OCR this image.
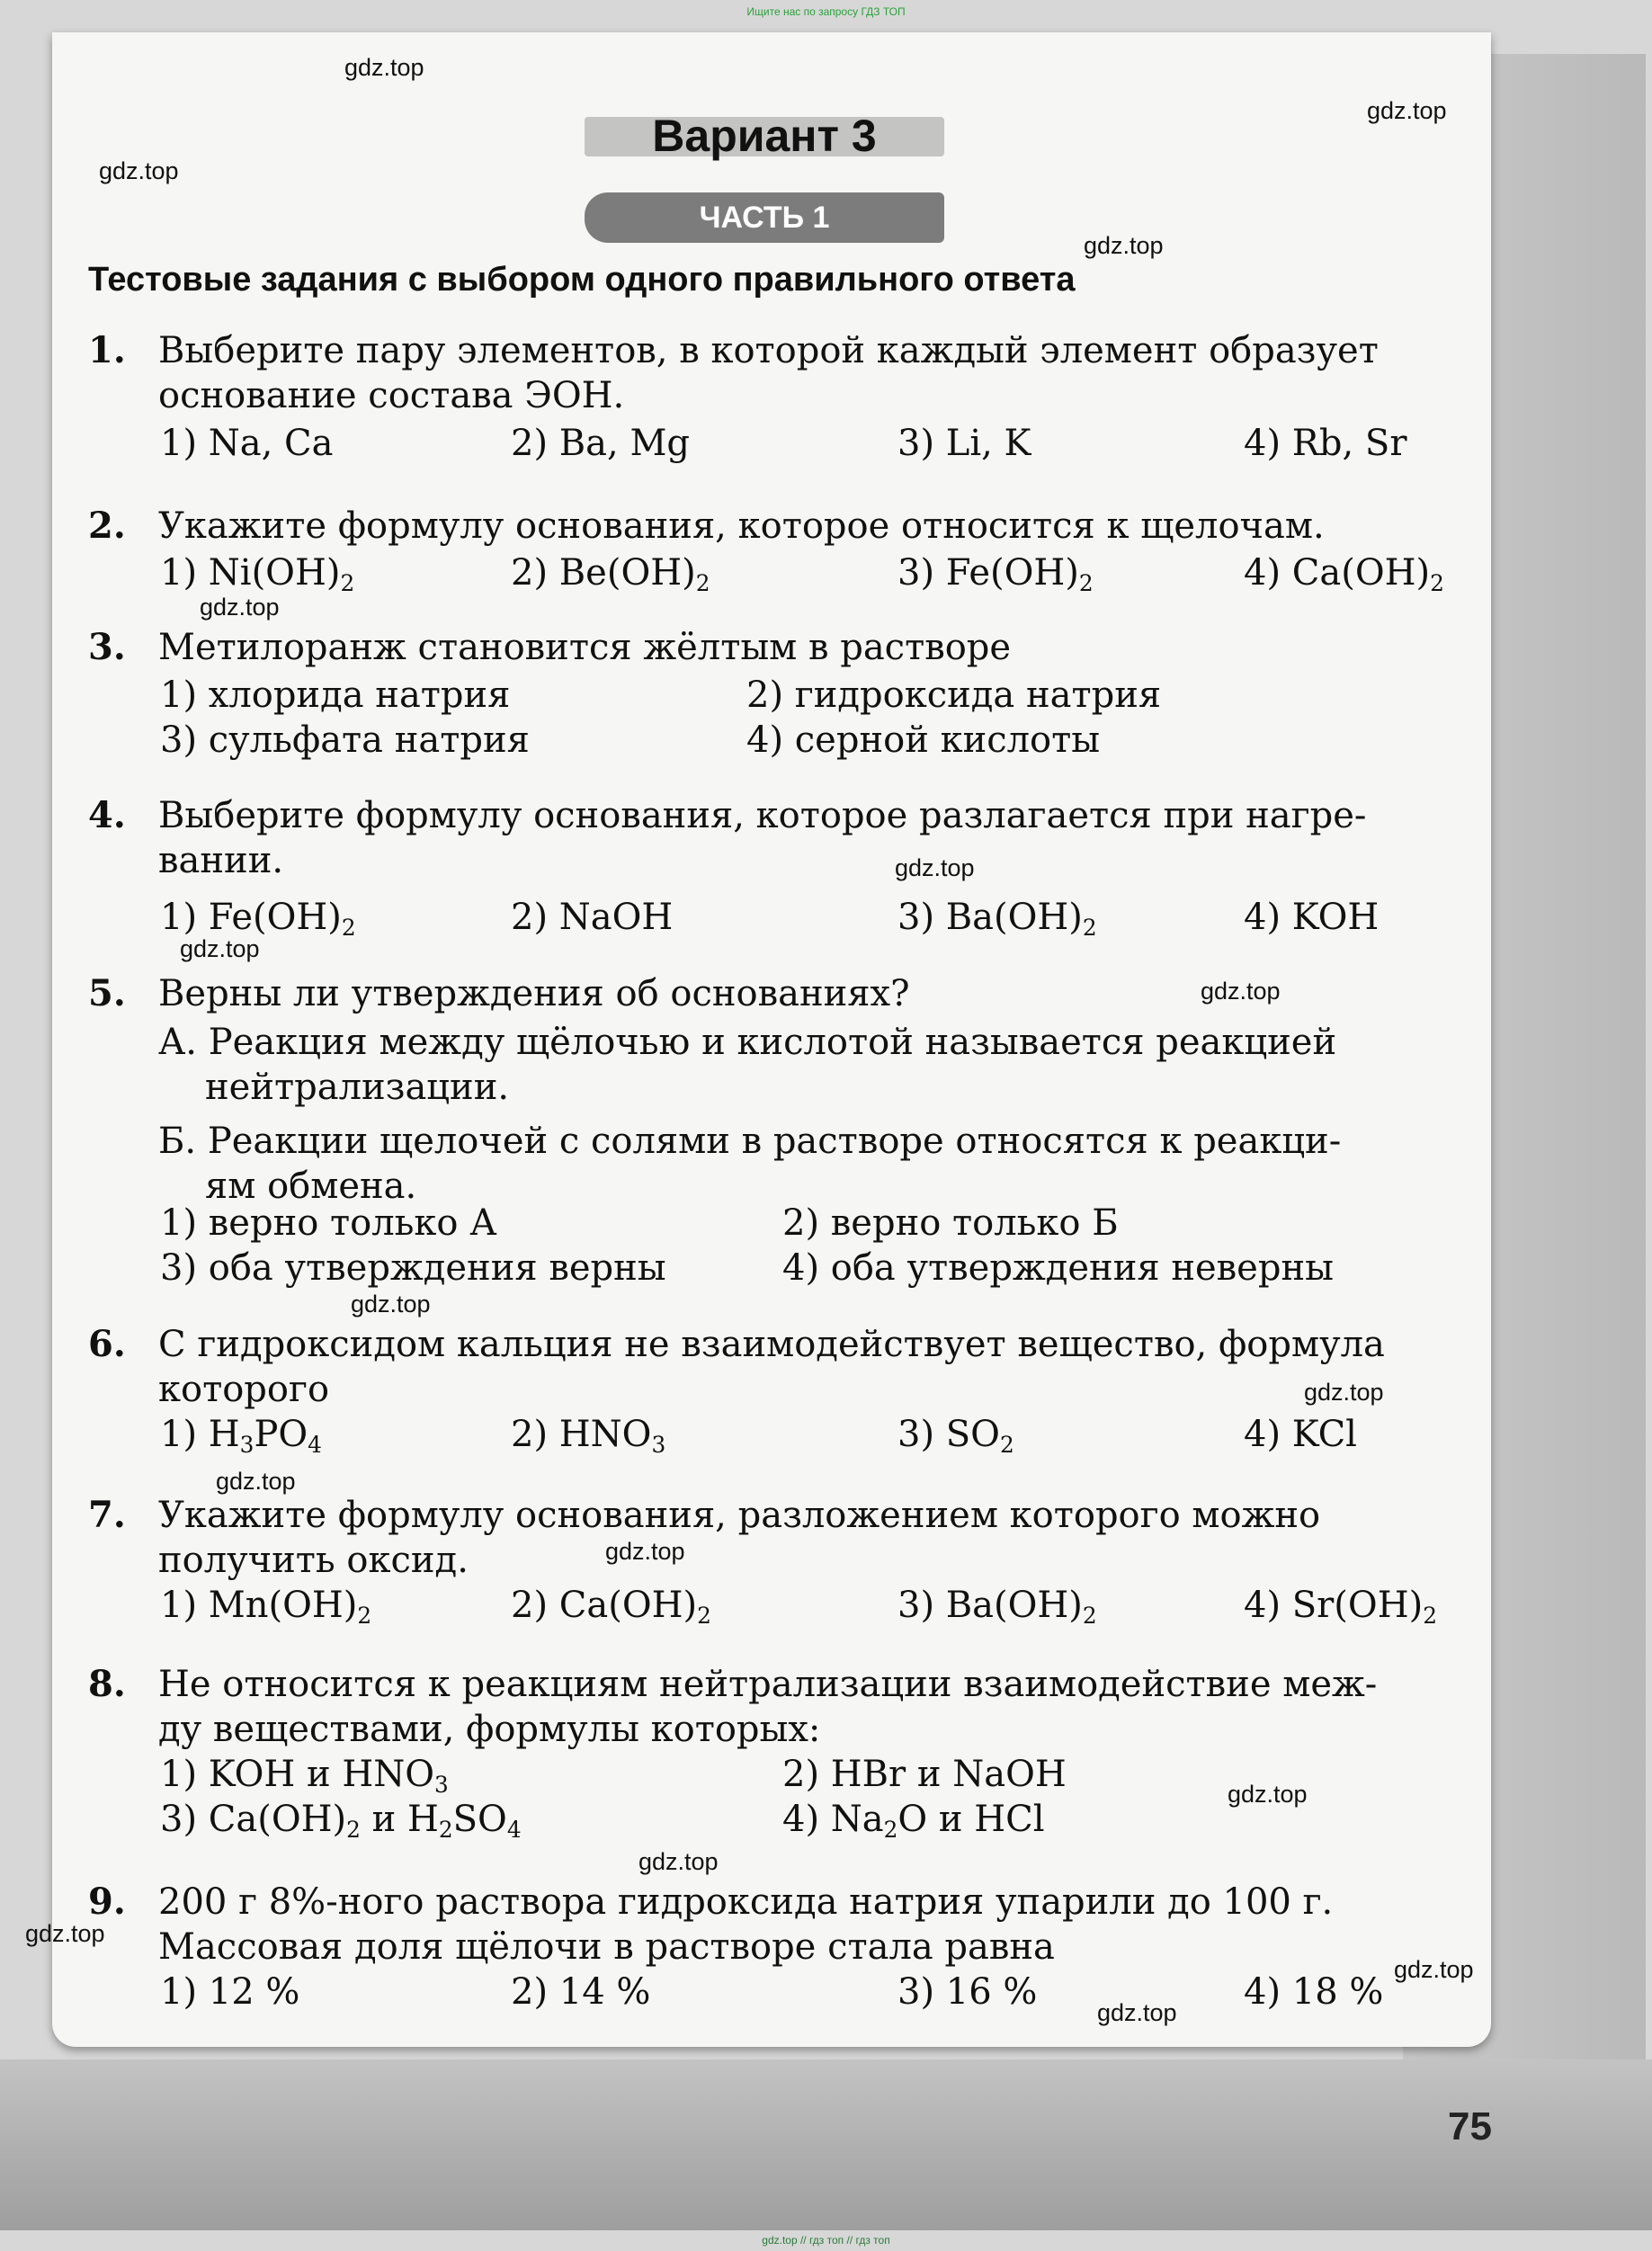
Ищите нас по запросу ГДЗ ТОП
Вариант 3
ЧАСТЬ 1
Тестовые задания с выбором одного правильного ответа
1. Выберите пару элементов, в которой каждый элемент образует
основание состава ЭОН.
1) Na, Ca	2) Ba, Mg	3) Li, K	4) Rb, Sr
2. Укажите формулу основания, которое относится к щелочам.
1) $Ni(OH)_2$	2) $Be(OH)_2$	3) $Fe(OH)_2$	4) $Ca(OH)_2$
3. Метилоранж становится жёлтым в растворе
1) хлорида натрия	2) гидроксида натрия
3) сульфата натрия	4) серной кислоты
4. Выберите формулу основания, которое разлагается при нагре-
вании.
1) $Fe(OH)_2$	2) NaOH	3) $Ba(OH)_2$	4) KOH
5. Верны ли утверждения об основаниях?
А. Реакция между щёлочью и кислотой называется реакцией
нейтрализации.
Б. Реакции щелочей с солями в растворе относятся к реакци-
ям обмена.
1) верно только А	2) верно только Б
3) оба утверждения верны	4) оба утверждения неверны
6. С гидроксидом кальция не взаимодействует вещество, формула
которого
1) $H_3PO_4$	2) $HNO_3$	3) $SO_2$	4) KCl
7. Укажите формулу основания, разложением которого можно
получить оксид.
1) $Mn(OH)_2$	2) $Ca(OH)_2$	3) $Ba(OH)_2$	4) $Sr(OH)_2$
8. Не относится к реакциям нейтрализации взаимодействие меж-
ду веществами, формулы которых:
1) KOH и $HNO_3$	2) HBr и NaOH
3) $Ca(OH)_2$ и $H_2SO_4$	4) $Na_2O$ и HCl
9. 200 г 8%-ного раствора гидроксида натрия упарили до 100 г.
Массовая доля щёлочи в растворе стала равна
1) 12 %	2) 14 %	3) 16 %	4) 18 %
75
gdz.top
gdz.top
gdz.top
gdz.top
gdz.top
gdz.top
gdz.top
gdz.top
gdz.top
gdz.top
gdz.top
gdz.top
gdz.top
gdz.top
gdz.top
gdz.top
gdz.top
gdz.top // гдз топ // гдз топ
